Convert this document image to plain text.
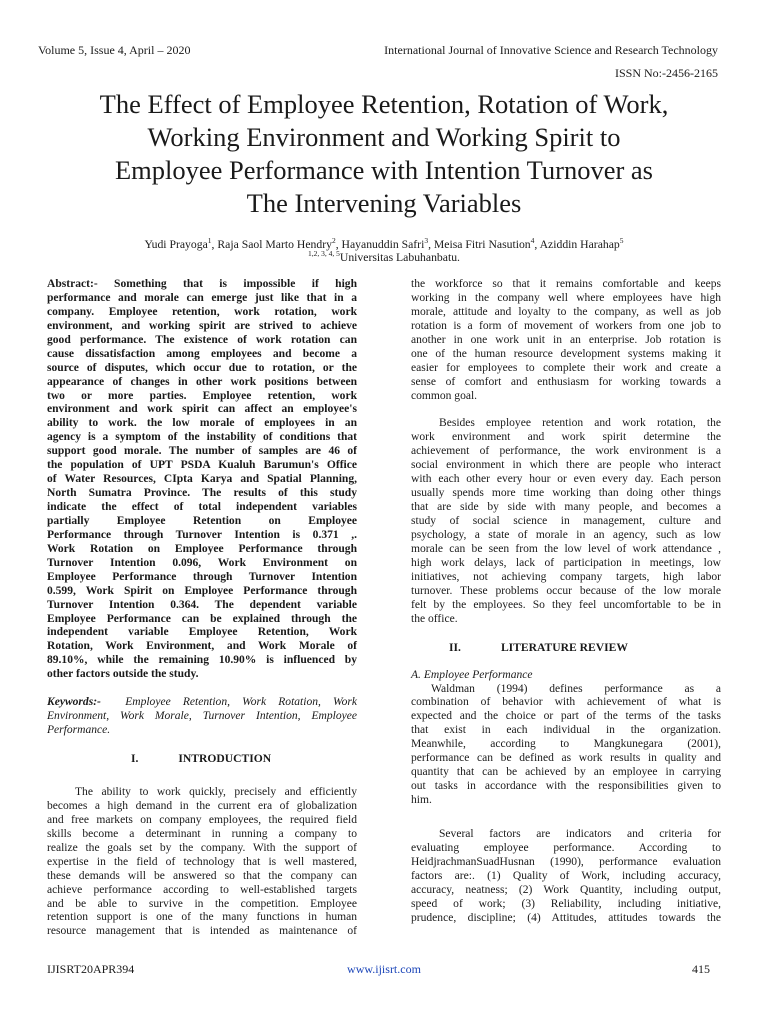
Volume 5, Issue 4, April – 2020	International Journal of Innovative Science and Research Technology
ISSN No:-2456-2165
The Effect of Employee Retention, Rotation of Work,
Working Environment and Working Spirit to
Employee Performance with Intention Turnover as
The Intervening Variables
Yudi Prayoga$^1$, Raja Saol Marto Hendry$^2$, Hayanuddin Safri$^3$, Meisa Fitri Nasution$^4$, Aziddin Harahap$^5$
$^{1,2, 3, 4, 5}$Universitas Labuhanbatu.
Abstract:- Something that is impossible if high
performance and morale can emerge just like that in a
company. Employee retention, work rotation, work
environment, and working spirit are strived to achieve
good performance. The existence of work rotation can
cause dissatisfaction among employees and become a
source of disputes, which occur due to rotation, or the
appearance of changes in other work positions between
two or more parties. Employee retention, work
environment and work spirit can affect an employee's
ability to work. the low morale of employees in an
agency is a symptom of the instability of conditions that
support good morale. The number of samples are 46 of
the population of UPT PSDA Kualuh Barumun's Office
of Water Resources, CIpta Karya and Spatial Planning,
North Sumatra Province. The results of this study
indicate the effect of total independent variables
partially Employee Retention on Employee
Performance through Turnover Intention is 0.371 ,.
Work Rotation on Employee Performance through
Turnover Intention 0.096, Work Environment on
Employee Performance through Turnover Intention
0.599, Work Spirit on Employee Performance through
Turnover Intention 0.364. The dependent variable
Employee Performance can be explained through the
independent variable Employee Retention, Work
Rotation, Work Environment, and Work Morale of
89.10%, while the remaining 10.90% is influenced by
other factors outside the study.
Keywords:- Employee Retention, Work Rotation, Work
Environment, Work Morale, Turnover Intention, Employee
Performance.
I.	INTRODUCTION
The ability to work quickly, precisely and efficiently
becomes a high demand in the current era of globalization
and free markets on company employees, the required field
skills become a determinant in running a company to
realize the goals set by the company. With the support of
expertise in the field of technology that is well mastered,
these demands will be answered so that the company can
achieve performance according to well-established targets
and be able to survive in the competition. Employee
retention support is one of the many functions in human
resource management that is intended as maintenance of
the workforce so that it remains comfortable and keeps
working in the company well where employees have high
morale, attitude and loyalty to the company, as well as job
rotation is a form of movement of workers from one job to
another in one work unit in an enterprise. Job rotation is
one of the human resource development systems making it
easier for employees to complete their work and create a
sense of comfort and enthusiasm for working towards a
common goal.
Besides employee retention and work rotation, the
work environment and work spirit determine the
achievement of performance, the work environment is a
social environment in which there are people who interact
with each other every hour or even every day. Each person
usually spends more time working than doing other things
that are side by side with many people, and becomes a
study of social science in management, culture and
psychology, a state of morale in an agency, such as low
morale can be seen from the low level of work attendance ,
high work delays, lack of participation in meetings, low
initiatives, not achieving company targets, high labor
turnover. These problems occur because of the low morale
felt by the employees. So they feel uncomfortable to be in
the office.
II.	LITERATURE REVIEW
A. Employee Performance
Waldman (1994) defines performance as a
combination of behavior with achievement of what is
expected and the choice or part of the terms of the tasks
that exist in each individual in the organization.
Meanwhile, according to Mangkunegara (2001),
performance can be defined as work results in quality and
quantity that can be achieved by an employee in carrying
out tasks in accordance with the responsibilities given to
him.
Several factors are indicators and criteria for
evaluating employee performance. According to
HeidjrachmanSuadHusnan (1990), performance evaluation
factors are:. (1) Quality of Work, including accuracy,
accuracy, neatness; (2) Work Quantity, including output,
speed of work; (3) Reliability, including initiative,
prudence, discipline; (4) Attitudes, attitudes towards the
IJISRT20APR394	www.ijisrt.com	415
